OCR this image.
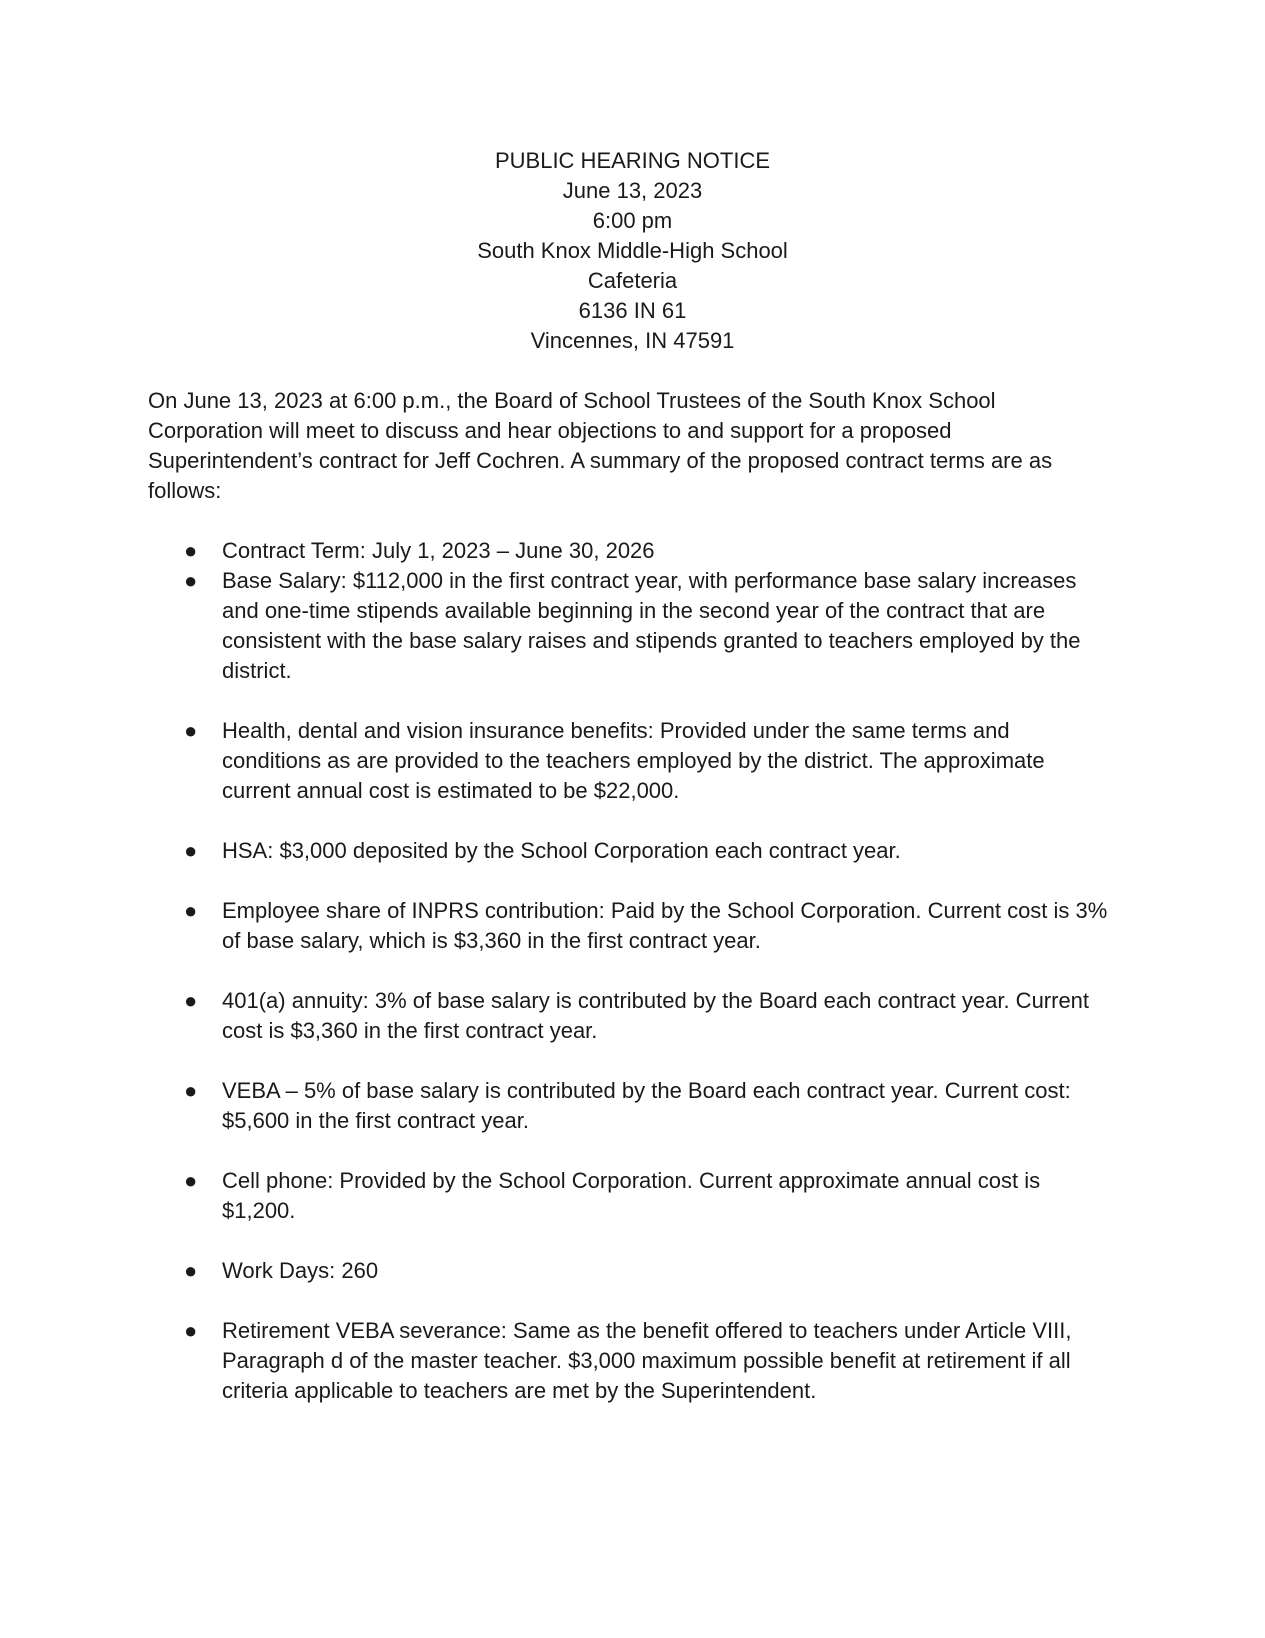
PUBLIC HEARING NOTICE
June 13, 2023
6:00 pm
South Knox Middle-High School
Cafeteria
6136 IN 61
Vincennes, IN 47591

On June 13, 2023 at 6:00 p.m., the Board of School Trustees of the South Knox School Corporation will meet to discuss and hear objections to and support for a proposed Superintendent’s contract for Jeff Cochren. A summary of the proposed contract terms are as follows:

● Contract Term: July 1, 2023 – June 30, 2026
● Base Salary: $112,000 in the first contract year, with performance base salary increases and one-time stipends available beginning in the second year of the contract that are consistent with the base salary raises and stipends granted to teachers employed by the district.
● Health, dental and vision insurance benefits: Provided under the same terms and conditions as are provided to the teachers employed by the district. The approximate current annual cost is estimated to be $22,000.
● HSA: $3,000 deposited by the School Corporation each contract year.
● Employee share of INPRS contribution: Paid by the School Corporation. Current cost is 3% of base salary, which is $3,360 in the first contract year.
● 401(a) annuity: 3% of base salary is contributed by the Board each contract year. Current cost is $3,360 in the first contract year.
● VEBA – 5% of base salary is contributed by the Board each contract year. Current cost: $5,600 in the first contract year.
● Cell phone: Provided by the School Corporation. Current approximate annual cost is $1,200.
● Work Days: 260
● Retirement VEBA severance: Same as the benefit offered to teachers under Article VIII, Paragraph d of the master teacher. $3,000 maximum possible benefit at retirement if all criteria applicable to teachers are met by the Superintendent.
